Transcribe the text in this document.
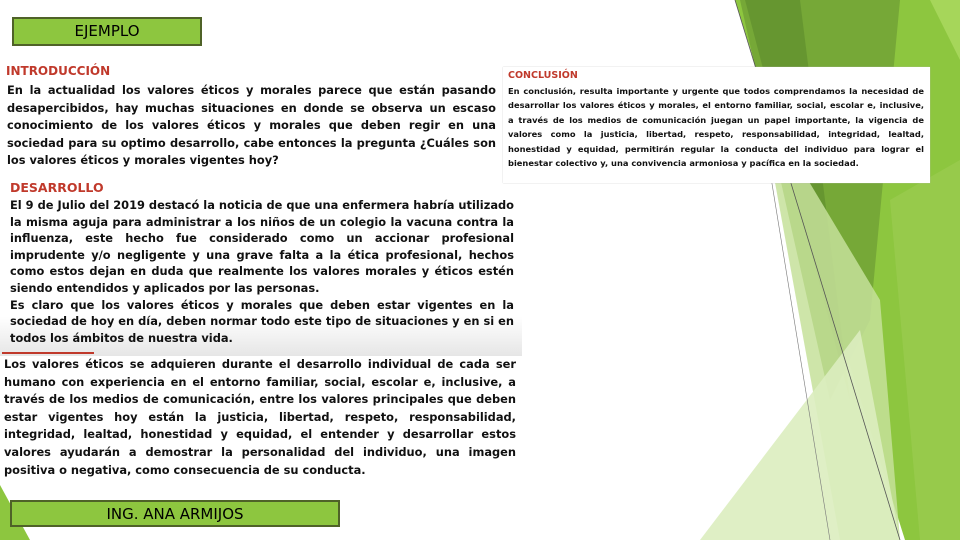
EJEMPLO
INTRODUCCIÓN

En la actualidad los valores éticos y morales parece que están pasando desapercibidos, hay muchas situaciones en donde se observa un escaso conocimiento de los valores éticos y morales que deben regir en una sociedad para su optimo desarrollo, cabe entonces la pregunta ¿Cuáles son los valores éticos y morales vigentes hoy?

DESARROLLO

El 9 de Julio del 2019 destacó la noticia de que una enfermera habría utilizado la misma aguja para administrar a los niños de un colegio la vacuna contra la influenza, este hecho fue considerado como un accionar profesional imprudente y/o negligente y una grave falta a la ética profesional, hechos como estos dejan en duda que realmente los valores morales y éticos estén siendo entendidos y aplicados por las personas.

Es claro que los valores éticos y morales que deben estar vigentes en la sociedad de hoy en día, deben normar todo este tipo de situaciones y en si en todos los ámbitos de nuestra vida.

Los valores éticos se adquieren durante el desarrollo individual de cada ser humano con experiencia en el entorno familiar, social, escolar e, inclusive, a través de los medios de comunicación, entre los valores principales que deben estar vigentes hoy están la justicia, libertad, respeto, responsabilidad, integridad, lealtad, honestidad y equidad, el entender y desarrollar estos valores ayudarán a demostrar la personalidad del individuo, una imagen positiva o negativa, como consecuencia de su conducta.

CONCLUSIÓN

En conclusión, resulta importante y urgente que todos comprendamos la necesidad de desarrollar los valores éticos y morales, el entorno familiar, social, escolar e, inclusive, a través de los medios de comunicación juegan un papel importante, la vigencia de valores como la justicia, libertad, respeto, responsabilidad, integridad, lealtad, honestidad y equidad, permitirán regular la conducta del individuo para lograr el bienestar colectivo y, una convivencia armoniosa y pacífica en la sociedad.

ING. ANA ARMIJOS
